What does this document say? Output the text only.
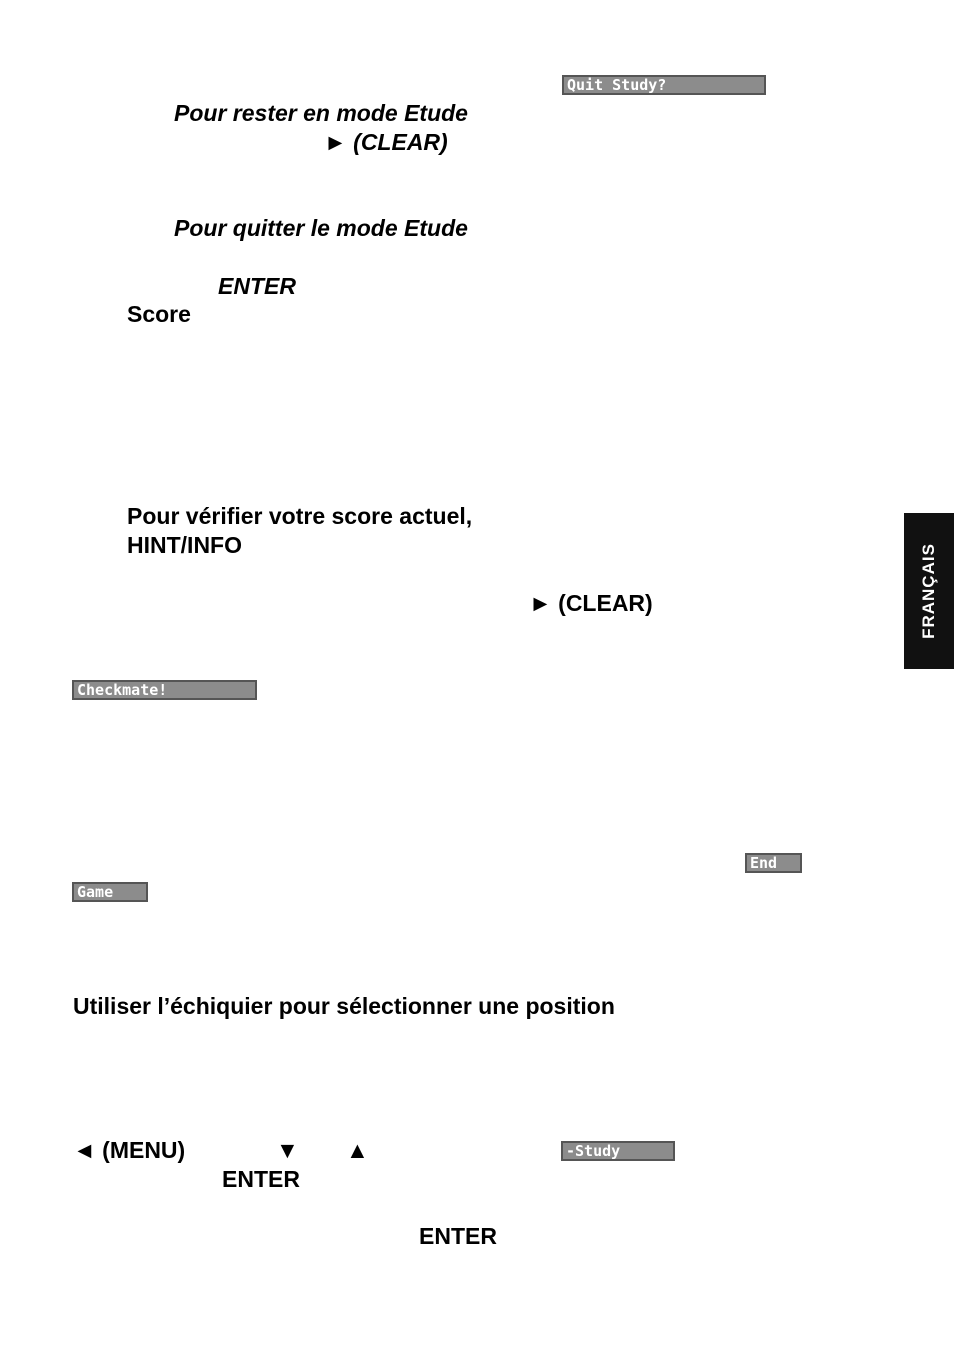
Quit Study?
Pour rester en mode Etude
► (CLEAR)
Pour quitter le mode Etude
ENTER
Score
Pour vérifier votre score actuel,
HINT/INFO
► (CLEAR)
Checkmate!
End
Game
Utiliser l’échiquier pour sélectionner une position
◄ (MENU)	▼ ▲	-Study
ENTER
ENTER
FRANÇAIS
